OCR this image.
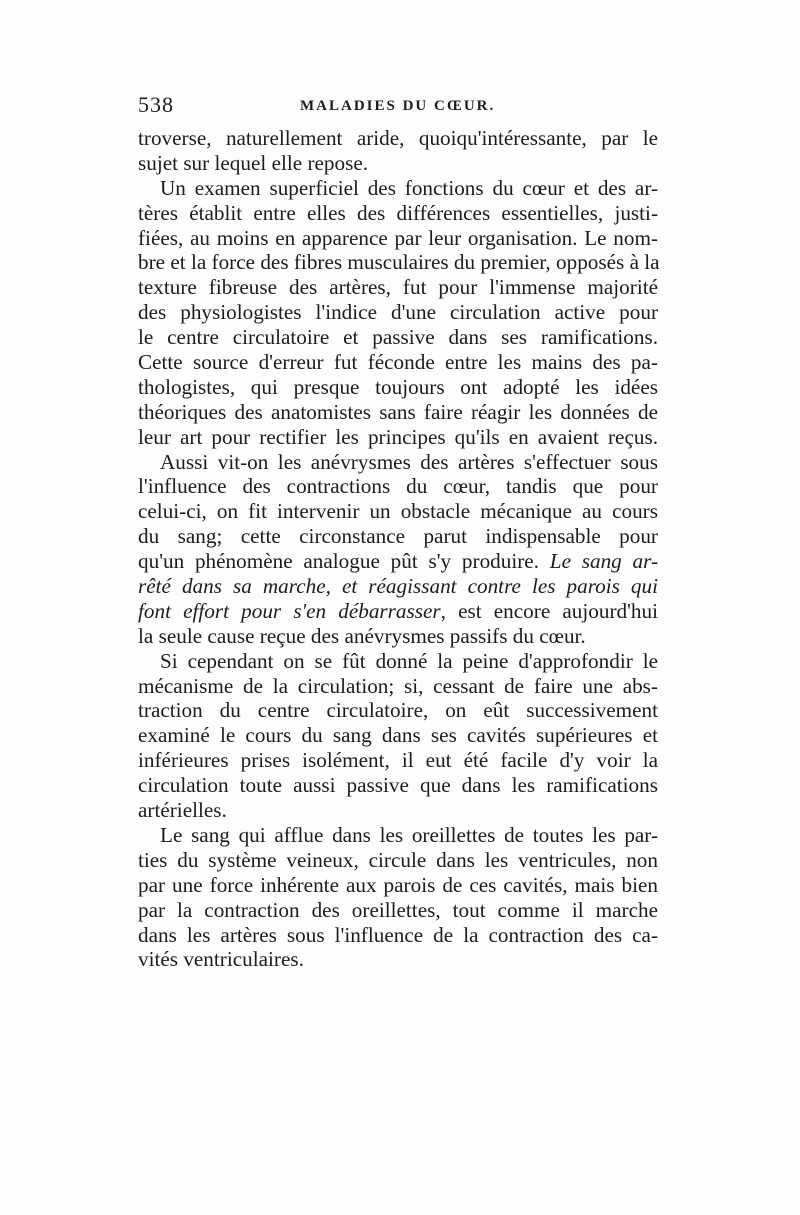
538	MALADIES DU CŒUR.
troverse, naturellement aride, quoiqu'intéressante, par le
sujet sur lequel elle repose.
Un examen superficiel des fonctions du cœur et des ar-
tères établit entre elles des différences essentielles, justi-
fiées, au moins en apparence par leur organisation. Le nom-
bre et la force des fibres musculaires du premier, opposés à la
texture fibreuse des artères, fut pour l'immense majorité
des physiologistes l'indice d'une circulation active pour
le centre circulatoire et passive dans ses ramifications.
Cette source d'erreur fut féconde entre les mains des pa-
thologistes, qui presque toujours ont adopté les idées
théoriques des anatomistes sans faire réagir les données de
leur art pour rectifier les principes qu'ils en avaient reçus.
Aussi vit-on les anévrysmes des artères s'effectuer sous
l'influence des contractions du cœur, tandis que pour
celui-ci, on fit intervenir un obstacle mécanique au cours
du sang; cette circonstance parut indispensable pour
qu'un phénomène analogue pût s'y produire. Le sang ar-
rêté dans sa marche, et réagissant contre les parois qui
font effort pour s'en débarrasser, est encore aujourd'hui
la seule cause reçue des anévrysmes passifs du cœur.
Si cependant on se fût donné la peine d'approfondir le
mécanisme de la circulation; si, cessant de faire une abs-
traction du centre circulatoire, on eût successivement
examiné le cours du sang dans ses cavités supérieures et
inférieures prises isolément, il eut été facile d'y voir la
circulation toute aussi passive que dans les ramifications
artérielles.
Le sang qui afflue dans les oreillettes de toutes les par-
ties du système veineux, circule dans les ventricules, non
par une force inhérente aux parois de ces cavités, mais bien
par la contraction des oreillettes, tout comme il marche
dans les artères sous l'influence de la contraction des ca-
vités ventriculaires.
